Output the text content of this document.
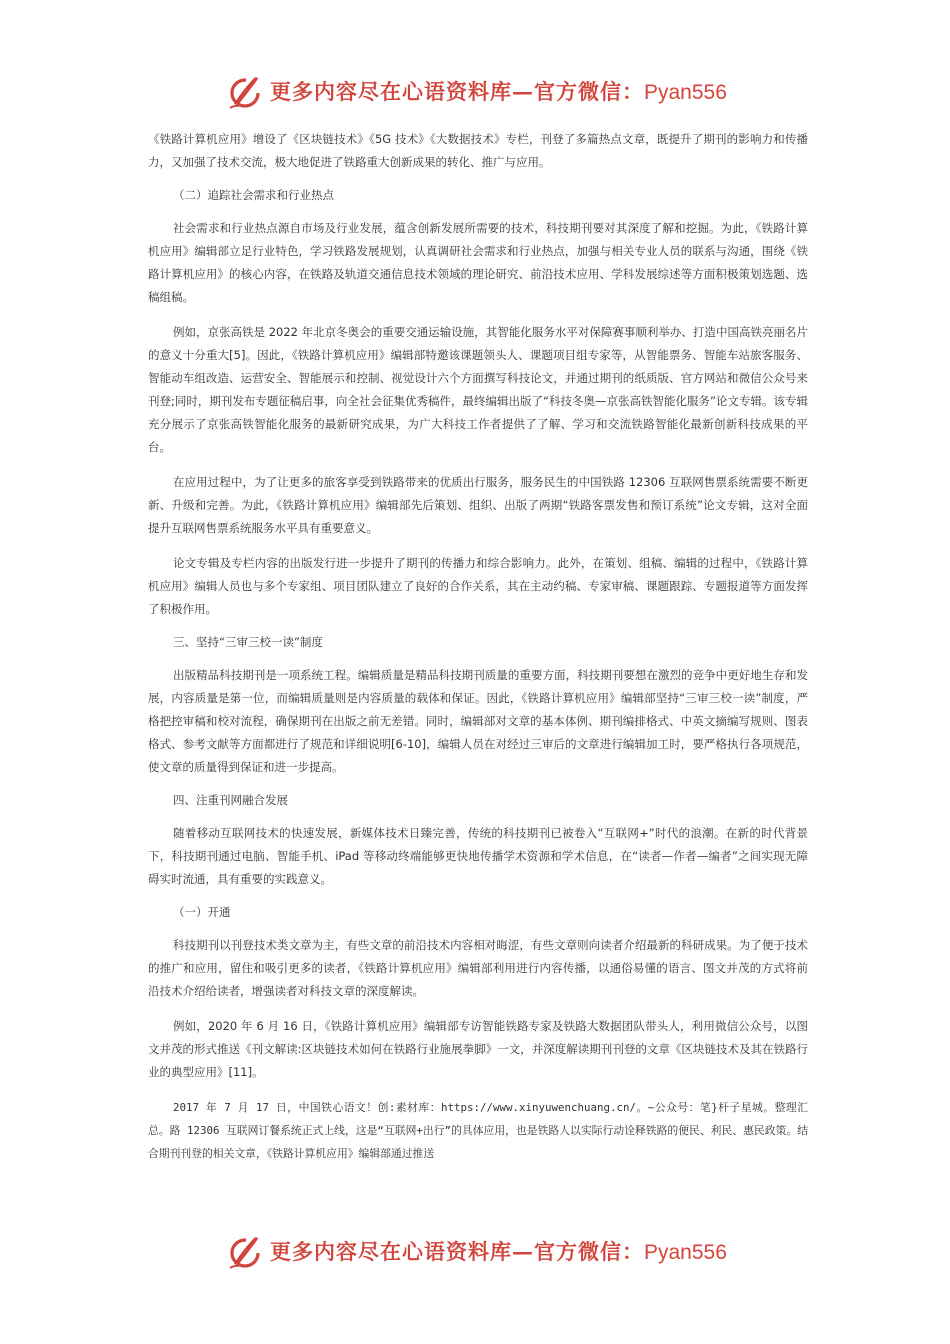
更多内容尽在心语资料库—官方微信：Pyan556

《铁路计算机应用》增设了《区块链技术》《5G 技术》《大数据技术》专栏，刊登了多篇热点文章，既提升了期刊的影响力和传播力，又加强了技术交流，极大地促进了铁路重大创新成果的转化、推广与应用。

（二）追踪社会需求和行业热点

社会需求和行业热点源自市场及行业发展，蕴含创新发展所需要的技术，科技期刊要对其深度了解和挖掘。为此，《铁路计算机应用》编辑部立足行业特色，学习铁路发展规划，认真调研社会需求和行业热点，加强与相关专业人员的联系与沟通，围绕《铁路计算机应用》的核心内容，在铁路及轨道交通信息技术领域的理论研究、前沿技术应用、学科发展综述等方面积极策划选题、选稿组稿。

例如，京张高铁是 2022 年北京冬奥会的重要交通运输设施，其智能化服务水平对保障赛事顺利举办、打造中国高铁亮丽名片的意义十分重大[5]。因此，《铁路计算机应用》编辑部特邀该课题领头人、课题项目组专家等，从智能票务、智能车站旅客服务、智能动车组改造、运营安全、智能展示和控制、视觉设计六个方面撰写科技论文，并通过期刊的纸质版、官方网站和微信公众号来刊登;同时，期刊发布专题征稿启事，向全社会征集优秀稿件，最终编辑出版了“科技冬奥—京张高铁智能化服务”论文专辑。该专辑充分展示了京张高铁智能化服务的最新研究成果，为广大科技工作者提供了了解、学习和交流铁路智能化最新创新科技成果的平台。

在应用过程中，为了让更多的旅客享受到铁路带来的优质出行服务，服务民生的中国铁路 12306 互联网售票系统需要不断更新、升级和完善。为此，《铁路计算机应用》编辑部先后策划、组织、出版了两期“铁路客票发售和预订系统”论文专辑，这对全面提升互联网售票系统服务水平具有重要意义。

论文专辑及专栏内容的出版发行进一步提升了期刊的传播力和综合影响力。此外，在策划、组稿、编辑的过程中，《铁路计算机应用》编辑人员也与多个专家组、项目团队建立了良好的合作关系，其在主动约稿、专家审稿、课题跟踪、专题报道等方面发挥了积极作用。

三、坚持“三审三校一读”制度

出版精品科技期刊是一项系统工程。编辑质量是精品科技期刊质量的重要方面，科技期刊要想在激烈的竞争中更好地生存和发展，内容质量是第一位，而编辑质量则是内容质量的载体和保证。因此，《铁路计算机应用》编辑部坚持“三审三校一读”制度，严格把控审稿和校对流程，确保期刊在出版之前无差错。同时，编辑部对文章的基本体例、期刊编排格式、中英文摘编写规则、图表格式、参考文献等方面都进行了规范和详细说明[6-10]，编辑人员在对经过三审后的文章进行编辑加工时，要严格执行各项规范，使文章的质量得到保证和进一步提高。

四、注重刊网融合发展

随着移动互联网技术的快速发展，新媒体技术日臻完善，传统的科技期刊已被卷入“互联网+”时代的浪潮。在新的时代背景下，科技期刊通过电脑、智能手机、iPad 等移动终端能够更快地传播学术资源和学术信息，在“读者—作者—编者”之间实现无障碍实时流通，具有重要的实践意义。

（一）开通

科技期刊以刊登技术类文章为主，有些文章的前沿技术内容相对晦涩，有些文章则向读者介绍最新的科研成果。为了便于技术的推广和应用，留住和吸引更多的读者，《铁路计算机应用》编辑部利用进行内容传播，以通俗易懂的语言、图文并茂的方式将前沿技术介绍给读者，增强读者对科技文章的深度解读。

例如，2020 年 6 月 16 日，《铁路计算机应用》编辑部专访智能铁路专家及铁路大数据团队带头人，利用微信公众号，以图文并茂的形式推送《刊文解读:区块链技术如何在铁路行业施展拳脚》一文，并深度解读期刊刊登的文章《区块链技术及其在铁路行业的典型应用》[11]。

2017 年 7 月 17 日，中国铁心语文！创:素材库：https://www.xinyuwenchuang.cn/。~公众号：笔}杆子星城。整理汇总。路 12306 互联网订餐系统正式上线，这是“互联网+出行”的具体应用，也是铁路人以实际行动诠释铁路的便民、利民、惠民政策。结合期刊刊登的相关文章，《铁路计算机应用》编辑部通过推送

更多内容尽在心语资料库—官方微信：Pyan556
